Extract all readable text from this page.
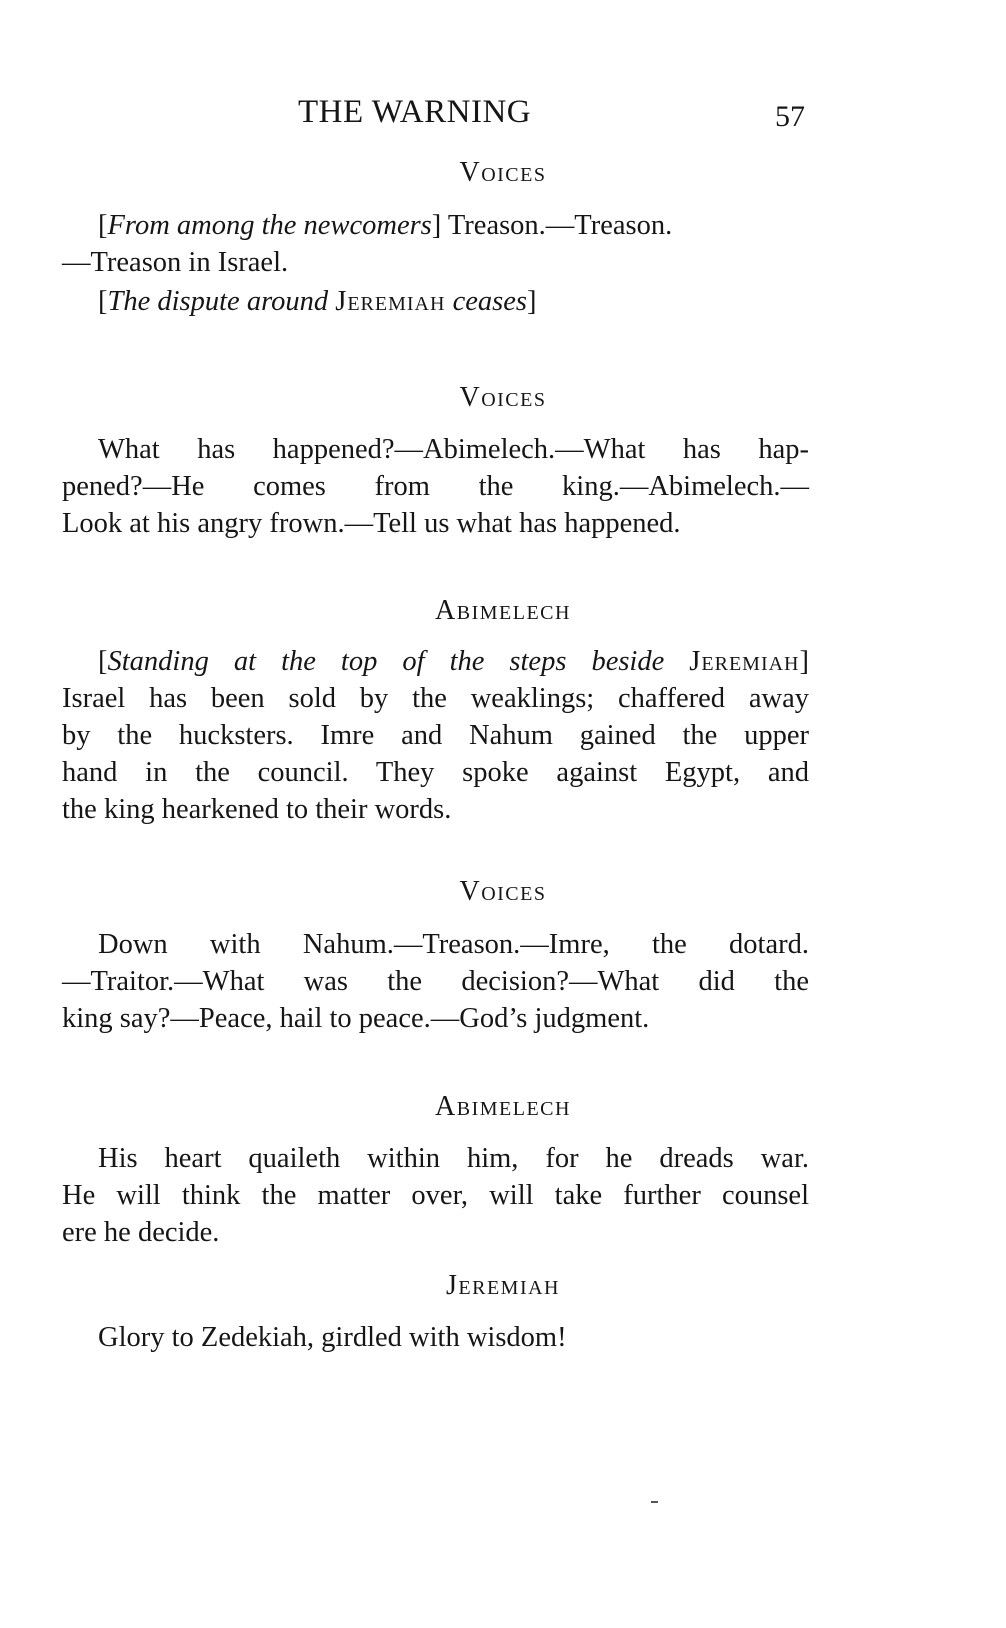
THE WARNING	57
Voices
[From among the newcomers] Treason.—Treason.
—Treason in Israel.
[The dispute around Jeremiah ceases]
Voices
What has happened?—Abimelech.—What has hap-
pened?—He comes from the king.—Abimelech.—
Look at his angry frown.—Tell us what has happened.
Abimelech
[Standing at the top of the steps beside Jeremiah]
Israel has been sold by the weaklings; chaffered away
by the hucksters. Imre and Nahum gained the upper
hand in the council. They spoke against Egypt, and
the king hearkened to their words.
Voices
Down with Nahum.—Treason.—Imre, the dotard.
—Traitor.—What was the decision?—What did the
king say?—Peace, hail to peace.—God’s judgment.
Abimelech
His heart quaileth within him, for he dreads war.
He will think the matter over, will take further counsel
ere he decide.
Jeremiah
Glory to Zedekiah, girdled with wisdom!
